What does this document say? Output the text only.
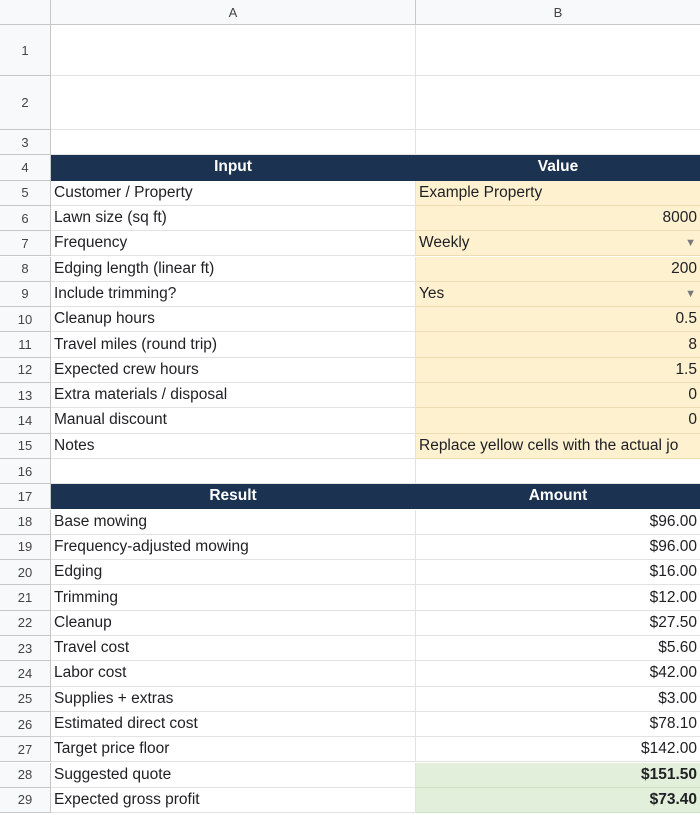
A	B
1
2
3
4	Input	Value
5	Customer / Property	Example Property
6	Lawn size (sq ft)	8000
7	Frequency	Weekly	▼
8	Edging length (linear ft)	200
9	Include trimming?	Yes	▼
10	Cleanup hours	0.5
11	Travel miles (round trip)	8
12	Expected crew hours	1.5
13	Extra materials / disposal	0
14	Manual discount	0
15	Notes	Replace yellow cells with the actual jo
16
17	Result	Amount
18	Base mowing	$96.00
19	Frequency-adjusted mowing	$96.00
20	Edging	$16.00
21	Trimming	$12.00
22	Cleanup	$27.50
23	Travel cost	$5.60
24	Labor cost	$42.00
25	Supplies + extras	$3.00
26	Estimated direct cost	$78.10
27	Target price floor	$142.00
28	Suggested quote	$151.50
29	Expected gross profit	$73.40
